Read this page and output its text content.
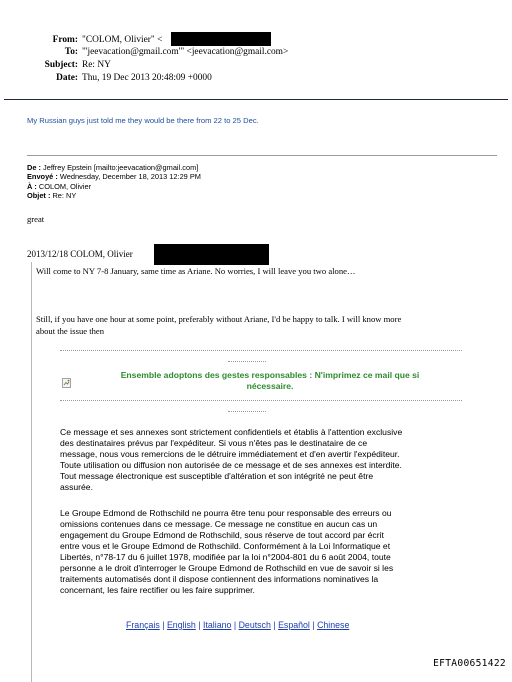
From: "COLOM, Olivier" <
To: "'jeevacation@gmail.com'" <jeevacation@gmail.com>
Subject: Re: NY
Date: Thu, 19 Dec 2013 20:48:09 +0000
My Russian guys just told me they would be there from 22 to 25 Dec.
De : Jeffrey Epstein [mailto:jeevacation@gmail.com]
Envoyé : Wednesday, December 18, 2013 12:29 PM
À : COLOM, Olivier
Objet : Re: NY
great
2013/12/18 COLOM, Olivier
Will come to NY 7-8 January, same time as Ariane. No worries, I will leave you two alone…
Still, if you have one hour at some point, preferably without Ariane, I'd be happy to talk. I will know more
about the issue then
Ensemble adoptons des gestes responsables : N'imprimez ce mail que si
nécessaire.
Ce message et ses annexes sont strictement confidentiels et établis à l'attention exclusive
des destinataires prévus par l'expéditeur. Si vous n'êtes pas le destinataire de ce
message, nous vous remercions de le détruire immédiatement et d'en avertir l'expéditeur.
Toute utilisation ou diffusion non autorisée de ce message et de ses annexes est interdite.
Tout message électronique est susceptible d'altération et son intégrité ne peut être
assurée.
Le Groupe Edmond de Rothschild ne pourra être tenu pour responsable des erreurs ou
omissions contenues dans ce message. Ce message ne constitue en aucun cas un
engagement du Groupe Edmond de Rothschild, sous réserve de tout accord par écrit
entre vous et le Groupe Edmond de Rothschild. Conformément à la Loi Informatique et
Libertés, n°78-17 du 6 juillet 1978, modifiée par la loi n°2004-801 du 6 août 2004, toute
personne a le droit d'interroger le Groupe Edmond de Rothschild en vue de savoir si les
traitements automatisés dont il dispose contiennent des informations nominatives la
concernant, les faire rectifier ou les faire supprimer.
Français | English | Italiano | Deutsch | Español | Chinese
EFTA00651422
